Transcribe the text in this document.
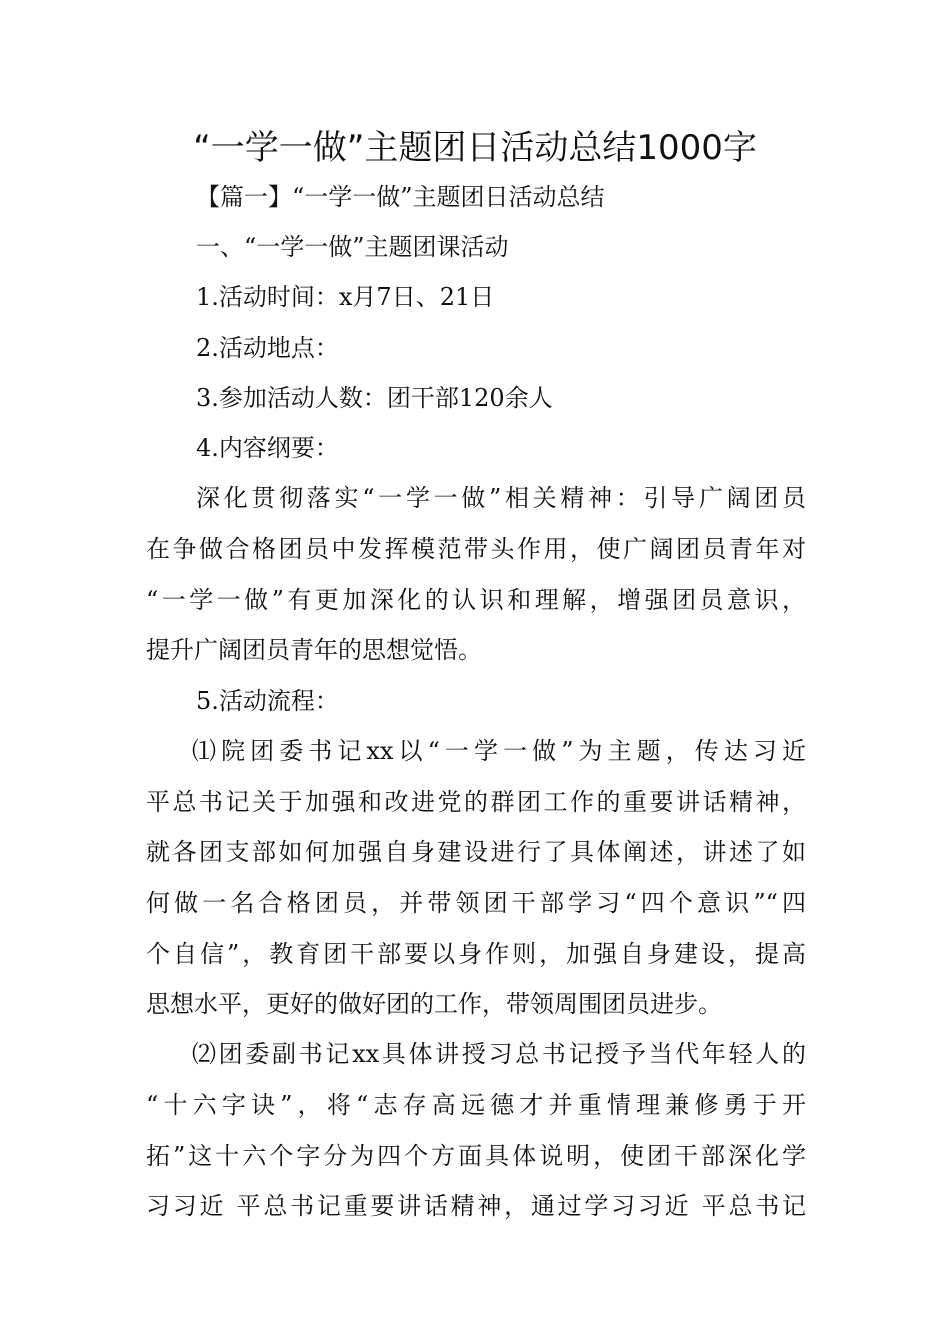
“一学一做”主题团日活动总结1000字
【篇一】“一学一做”主题团日活动总结
一、“一学一做”主题团课活动
1.活动时间：x月7日、21日
2.活动地点：
3.参加活动人数：团干部120余人
4.内容纲要：
深化贯彻落实“一学一做”相关精神：引导广阔团员
在争做合格团员中发挥模范带头作用，使广阔团员青年对
“一学一做”有更加深化的认识和理解，增强团员意识，
提升广阔团员青年的思想觉悟。
5.活动流程：
⑴院团委书记xx以“一学一做”为主题，传达习近
平总书记关于加强和改进党的群团工作的重要讲话精神，
就各团支部如何加强自身建设进行了具体阐述，讲述了如
何做一名合格团员，并带领团干部学习“四个意识”“四
个自信”，教育团干部要以身作则，加强自身建设，提高
思想水平，更好的做好团的工作，带领周围团员进步。
⑵团委副书记xx具体讲授习总书记授予当代年轻人的
“十六字诀”，将“志存高远德才并重情理兼修勇于开
拓”这十六个字分为四个方面具体说明，使团干部深化学
习习近 平总书记重要讲话精神，通过学习习近 平总书记
